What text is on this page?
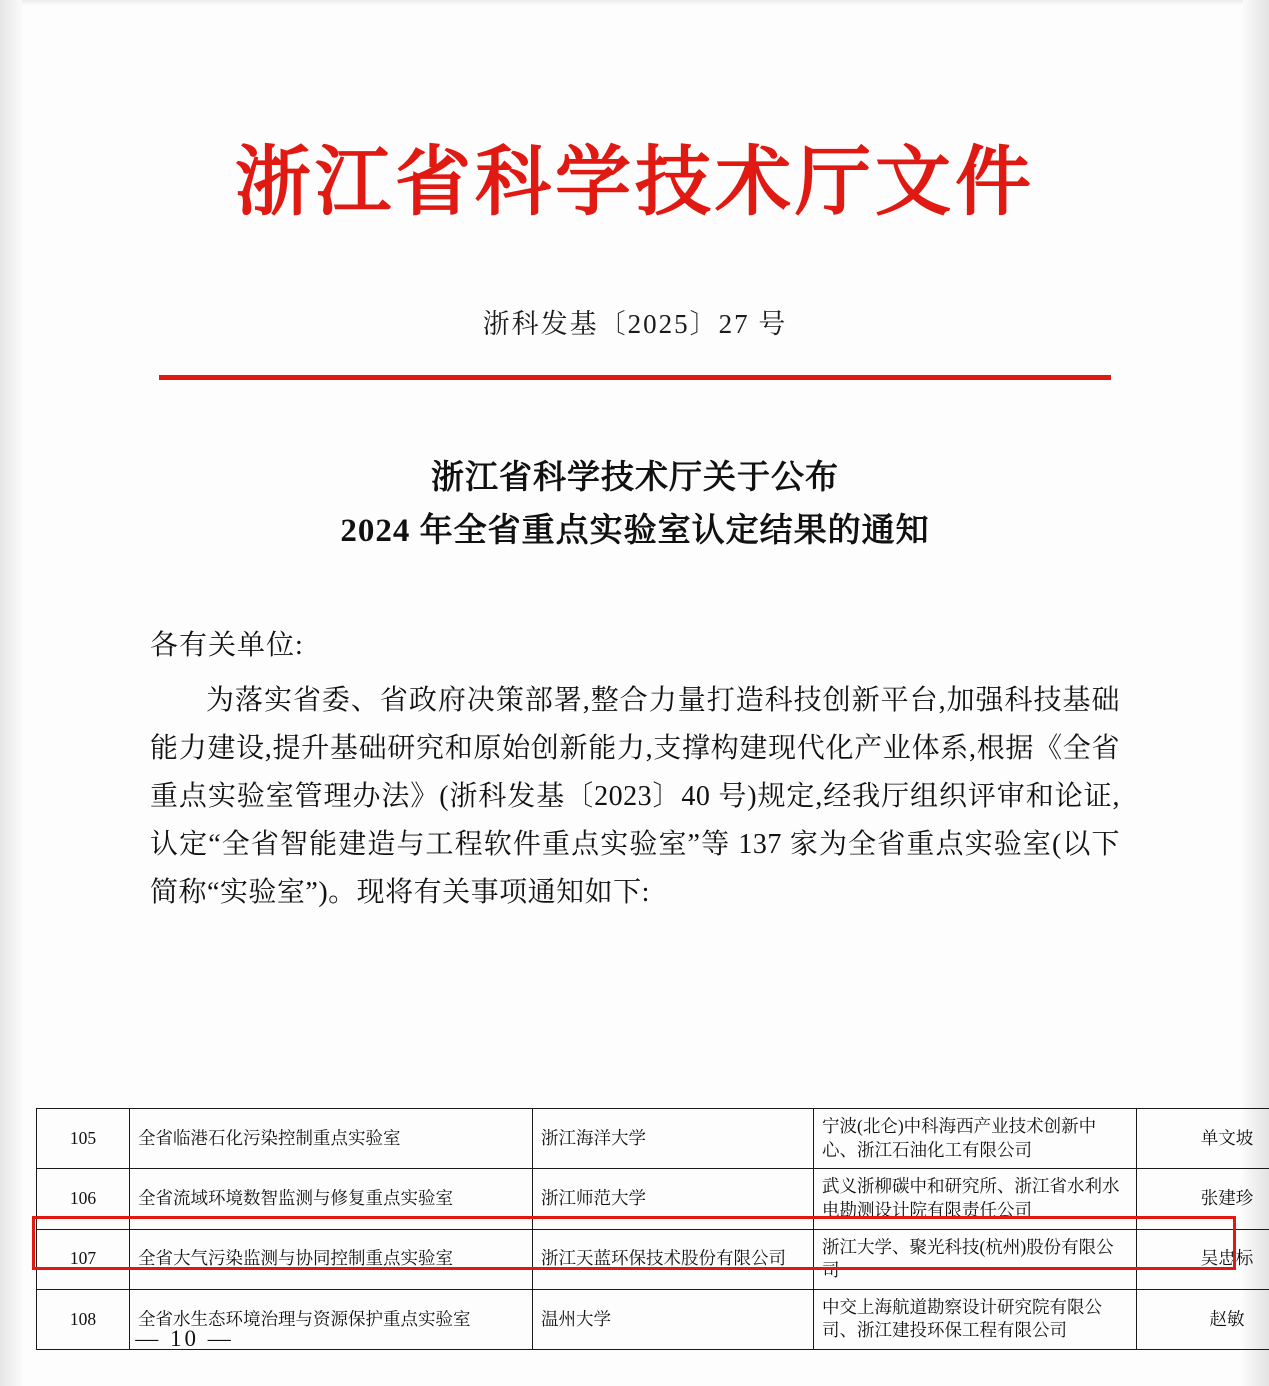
浙江省科学技术厅文件
浙科发基〔2025〕27 号
浙江省科学技术厅关于公布
2024 年全省重点实验室认定结果的通知
各有关单位:
为落实省委、省政府决策部署,整合力量打造科技创新平台,加强科技基础能力建设,提升基础研究和原始创新能力,支撑构建现代化产业体系,根据《全省重点实验室管理办法》(浙科发基〔2023〕40 号)规定,经我厅组织评审和论证,认定“全省智能建造与工程软件重点实验室”等 137 家为全省重点实验室(以下简称“实验室”)。现将有关事项通知如下:
105	全省临港石化污染控制重点实验室	浙江海洋大学	宁波(北仑)中科海西产业技术创新中心、浙江石油化工有限公司	单文坡
106	全省流域环境数智监测与修复重点实验室	浙江师范大学	武义浙柳碳中和研究所、浙江省水利水电勘测设计院有限责任公司	张建珍
107	全省大气污染监测与协同控制重点实验室	浙江天蓝环保技术股份有限公司	浙江大学、聚光科技(杭州)股份有限公司	吴忠标
108	全省水生态环境治理与资源保护重点实验室	温州大学	中交上海航道勘察设计研究院有限公司、浙江建投环保工程有限公司	赵敏
— 10 —
